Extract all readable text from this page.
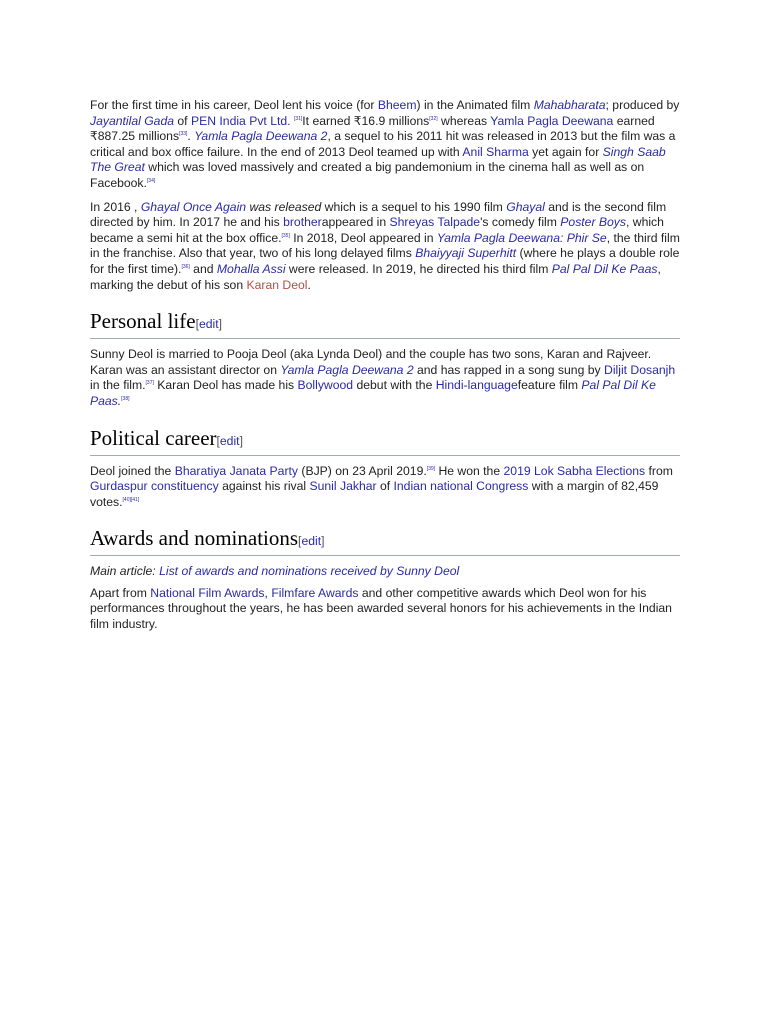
For the first time in his career, Deol lent his voice (for Bheem) in the Animated film Mahabharata; produced by Jayantilal Gada of PEN India Pvt Ltd. [31]It earned ₹16.9 millions[32] whereas Yamla Pagla Deewana earned ₹887.25 millions[33]. Yamla Pagla Deewana 2, a sequel to his 2011 hit was released in 2013 but the film was a critical and box office failure. In the end of 2013 Deol teamed up with Anil Sharma yet again for Singh Saab The Great which was loved massively and created a big pandemonium in the cinema hall as well as on Facebook.[34]

In 2016 , Ghayal Once Again was released which is a sequel to his 1990 film Ghayal and is the second film directed by him. In 2017 he and his brotherappeared in Shreyas Talpade's comedy film Poster Boys, which became a semi hit at the box office.[35] In 2018, Deol appeared in Yamla Pagla Deewana: Phir Se, the third film in the franchise. Also that year, two of his long delayed films Bhaiyyaji Superhitt (where he plays a double role for the first time).[36] and Mohalla Assi were released. In 2019, he directed his third film Pal Pal Dil Ke Paas, marking the debut of his son Karan Deol.

Personal life[edit]

Sunny Deol is married to Pooja Deol (aka Lynda Deol) and the couple has two sons, Karan and Rajveer. Karan was an assistant director on Yamla Pagla Deewana 2 and has rapped in a song sung by Diljit Dosanjh in the film.[37] Karan Deol has made his Bollywood debut with the Hindi-languagefeature film Pal Pal Dil Ke Paas.[38]

Political career[edit]

Deol joined the Bharatiya Janata Party (BJP) on 23 April 2019.[39] He won the 2019 Lok Sabha Elections from Gurdaspur constituency against his rival Sunil Jakhar of Indian national Congress with a margin of 82,459 votes.[40][41]

Awards and nominations[edit]
Main article: List of awards and nominations received by Sunny Deol

Apart from National Film Awards, Filmfare Awards and other competitive awards which Deol won for his performances throughout the years, he has been awarded several honors for his achievements in the Indian film industry.
